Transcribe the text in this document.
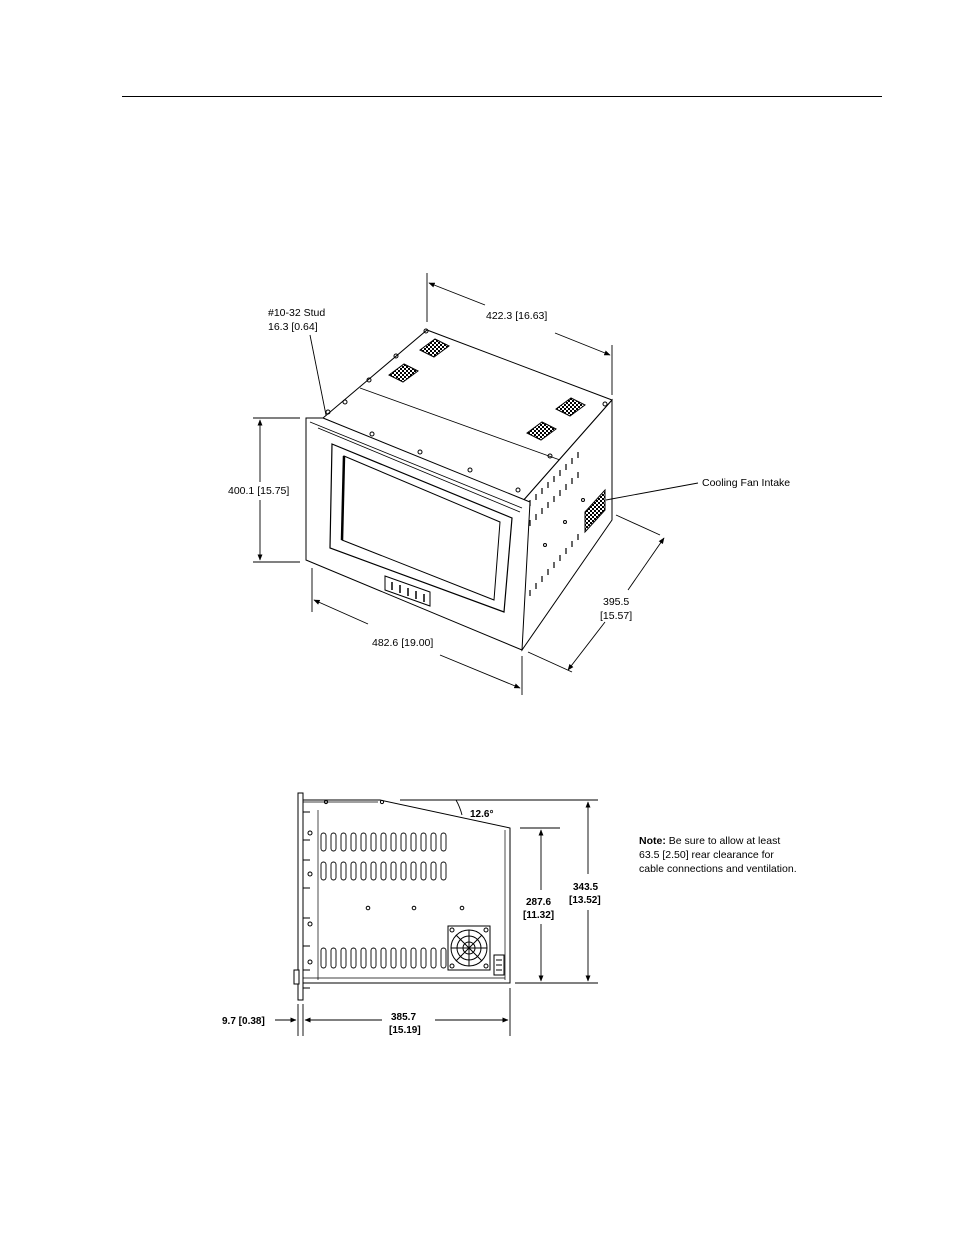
#10-32 Stud
16.3 [0.64]
422.3 [16.63]
400.1 [15.75]
482.6 [19.00]
395.5
[15.57]
Cooling Fan Intake
12.6°
287.6
[11.32]
343.5
[13.52]
9.7 [0.38]	385.7
[15.19]
Note: Be sure to allow at least
63.5 [2.50] rear clearance for
cable connections and ventilation.
